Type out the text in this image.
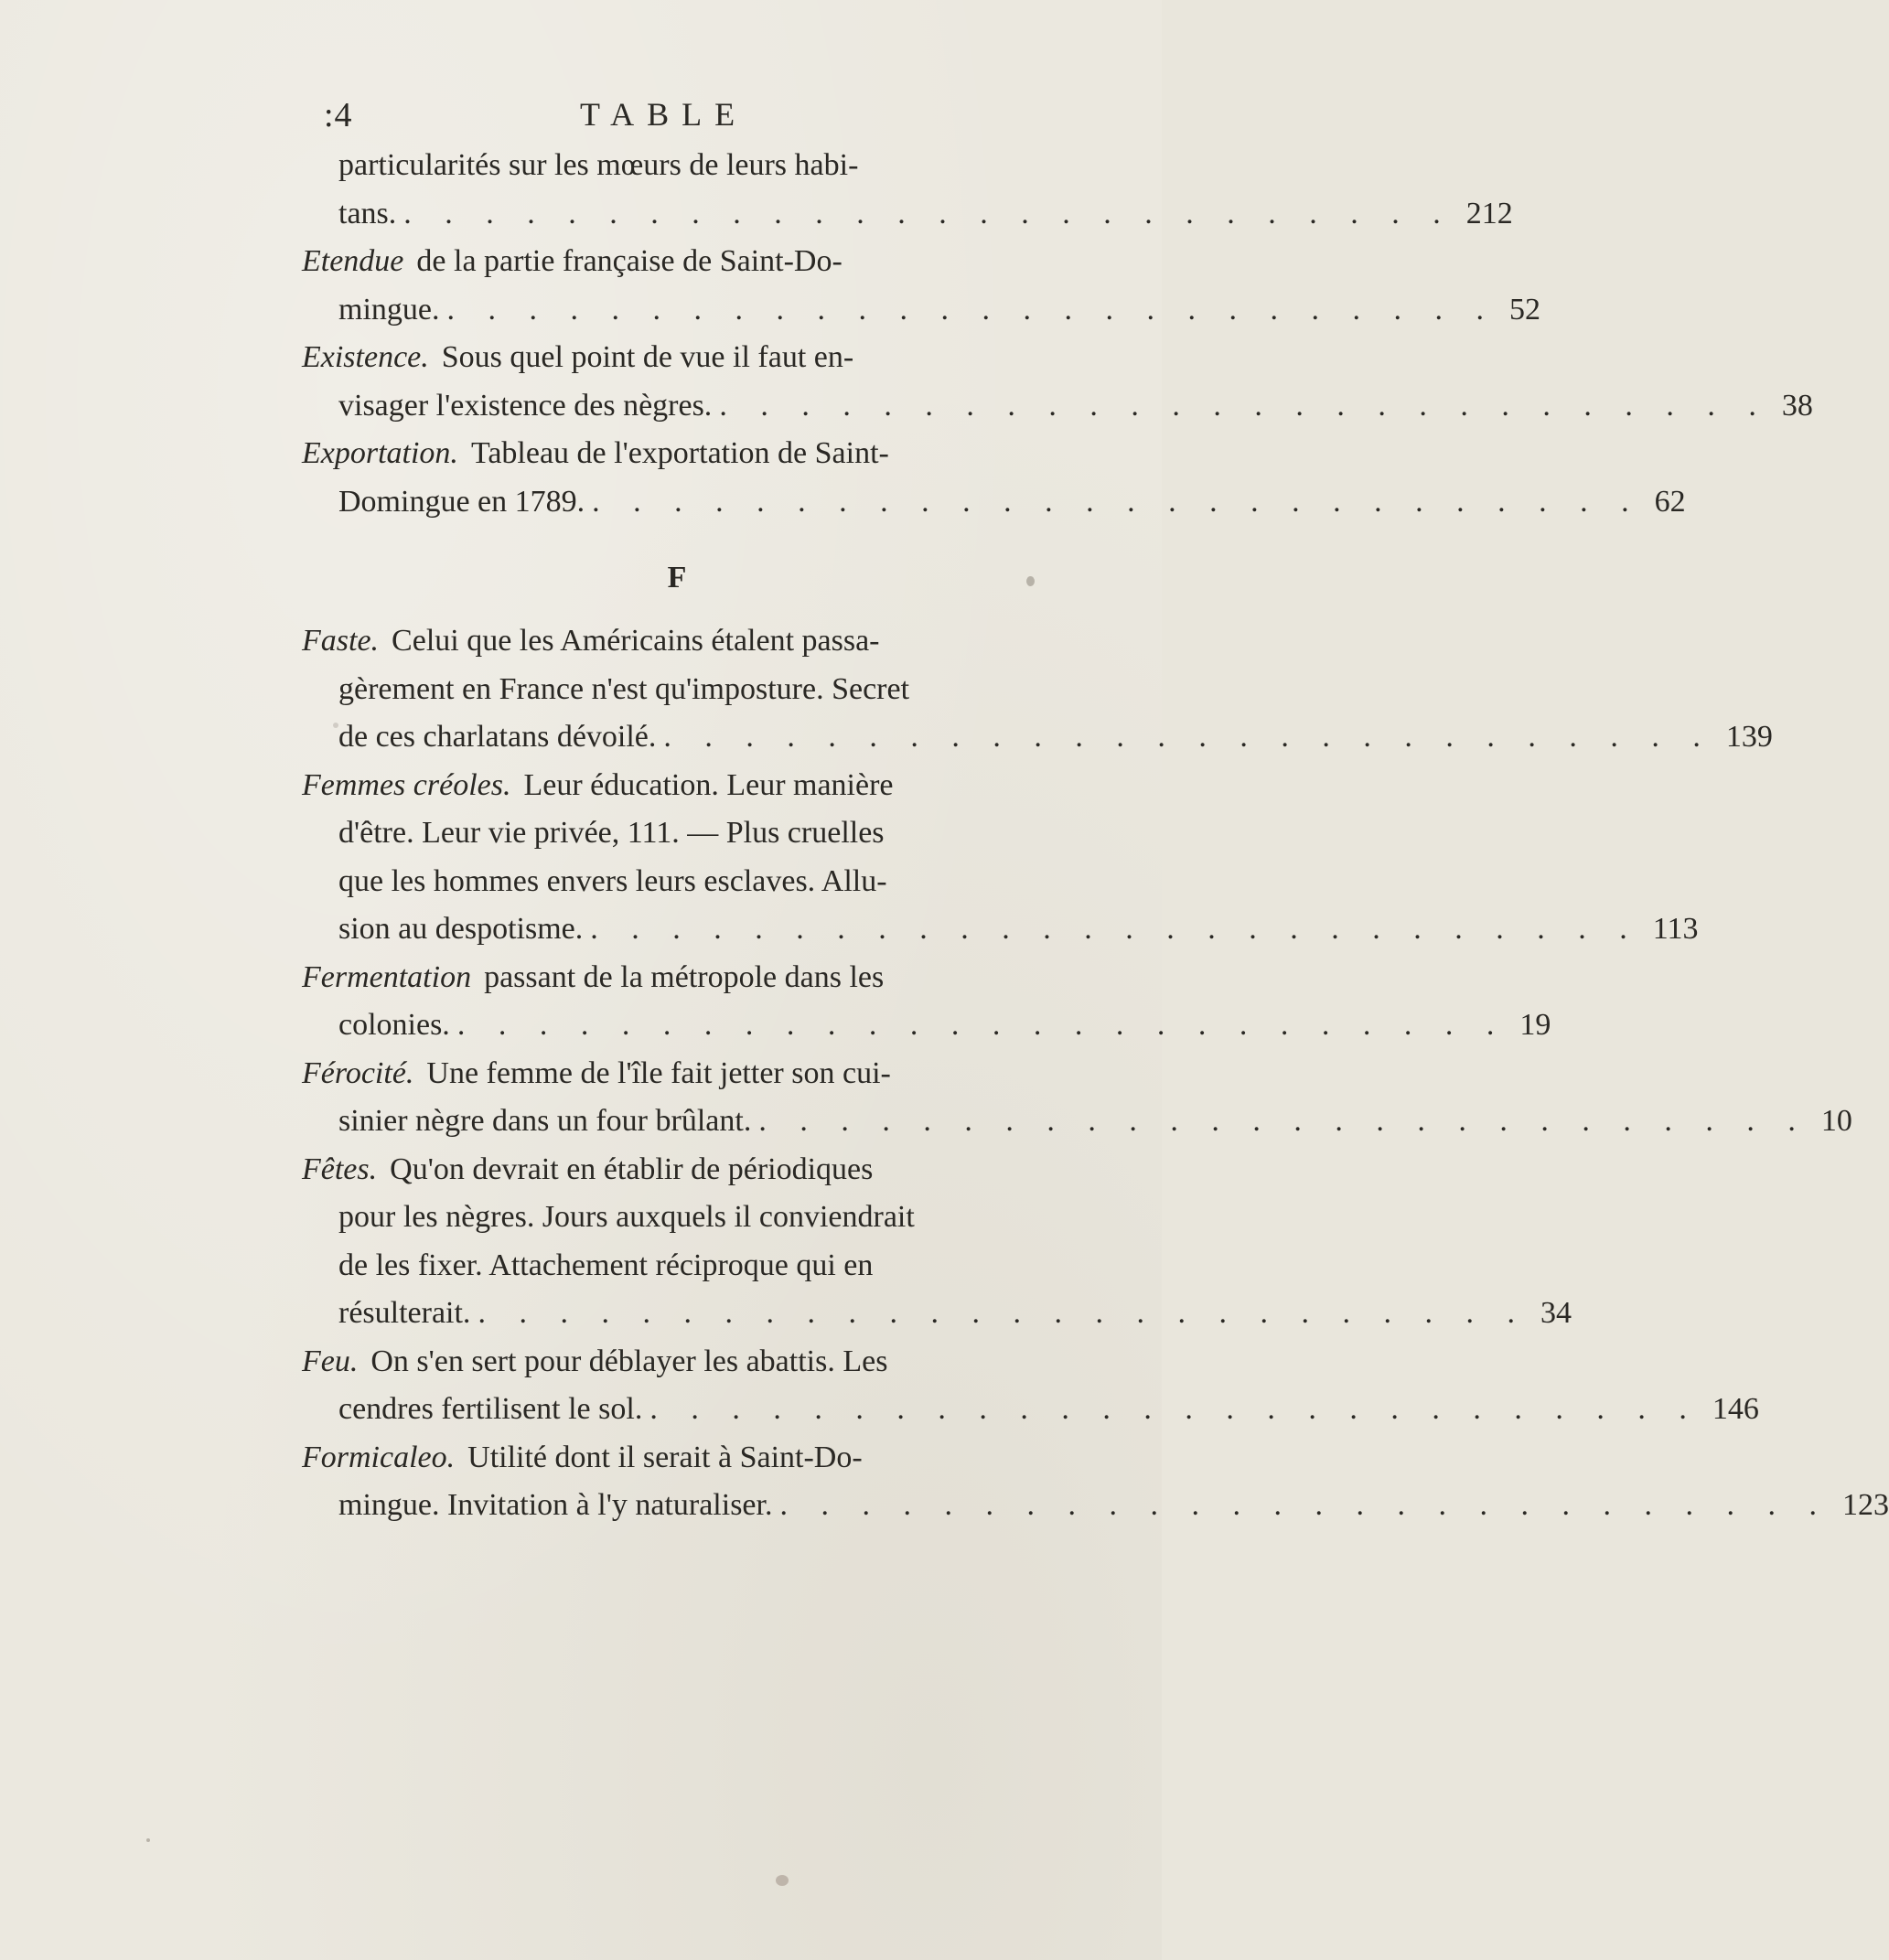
:4	TABLE
particularités sur les mœurs de leurs habi-
tans. . . . . . . . . . . . . . . . . . . . . . . . . . . 212
Etendue de la partie française de Saint-Do-
mingue. . . . . . . . . . . . . . . . . . . . . . . . . . . 52
Existence. Sous quel point de vue il faut en-
visager l'existence des nègres. . . . . . . . . . . . . . . . . . . . . . . . . . . 38
Exportation. Tableau de l'exportation de Saint-
Domingue en 1789. . . . . . . . . . . . . . . . . . . . . . . . . . . 62
F
Faste. Celui que les Américains étalent passa-
gèrement en France n'est qu'imposture. Secret
de ces charlatans dévoilé. . . . . . . . . . . . . . . . . . . . . . . . . . . 139
Femmes créoles. Leur éducation. Leur manière
d'être. Leur vie privée, 111. — Plus cruelles
que les hommes envers leurs esclaves. Allu-
sion au despotisme. . . . . . . . . . . . . . . . . . . . . . . . . . . 113
Fermentation passant de la métropole dans les
colonies. . . . . . . . . . . . . . . . . . . . . . . . . . . 19
Férocité. Une femme de l'île fait jetter son cui-
sinier nègre dans un four brûlant. . . . . . . . . . . . . . . . . . . . . . . . . . . 10
Fêtes. Qu'on devrait en établir de périodiques
pour les nègres. Jours auxquels il conviendrait
de les fixer. Attachement réciproque qui en
résulterait. . . . . . . . . . . . . . . . . . . . . . . . . . . 34
Feu. On s'en sert pour déblayer les abattis. Les
cendres fertilisent le sol. . . . . . . . . . . . . . . . . . . . . . . . . . . 146
Formicaleo. Utilité dont il serait à Saint-Do-
mingue. Invitation à l'y naturaliser. . . . . . . . . . . . . . . . . . . . . . . . . . . 123
